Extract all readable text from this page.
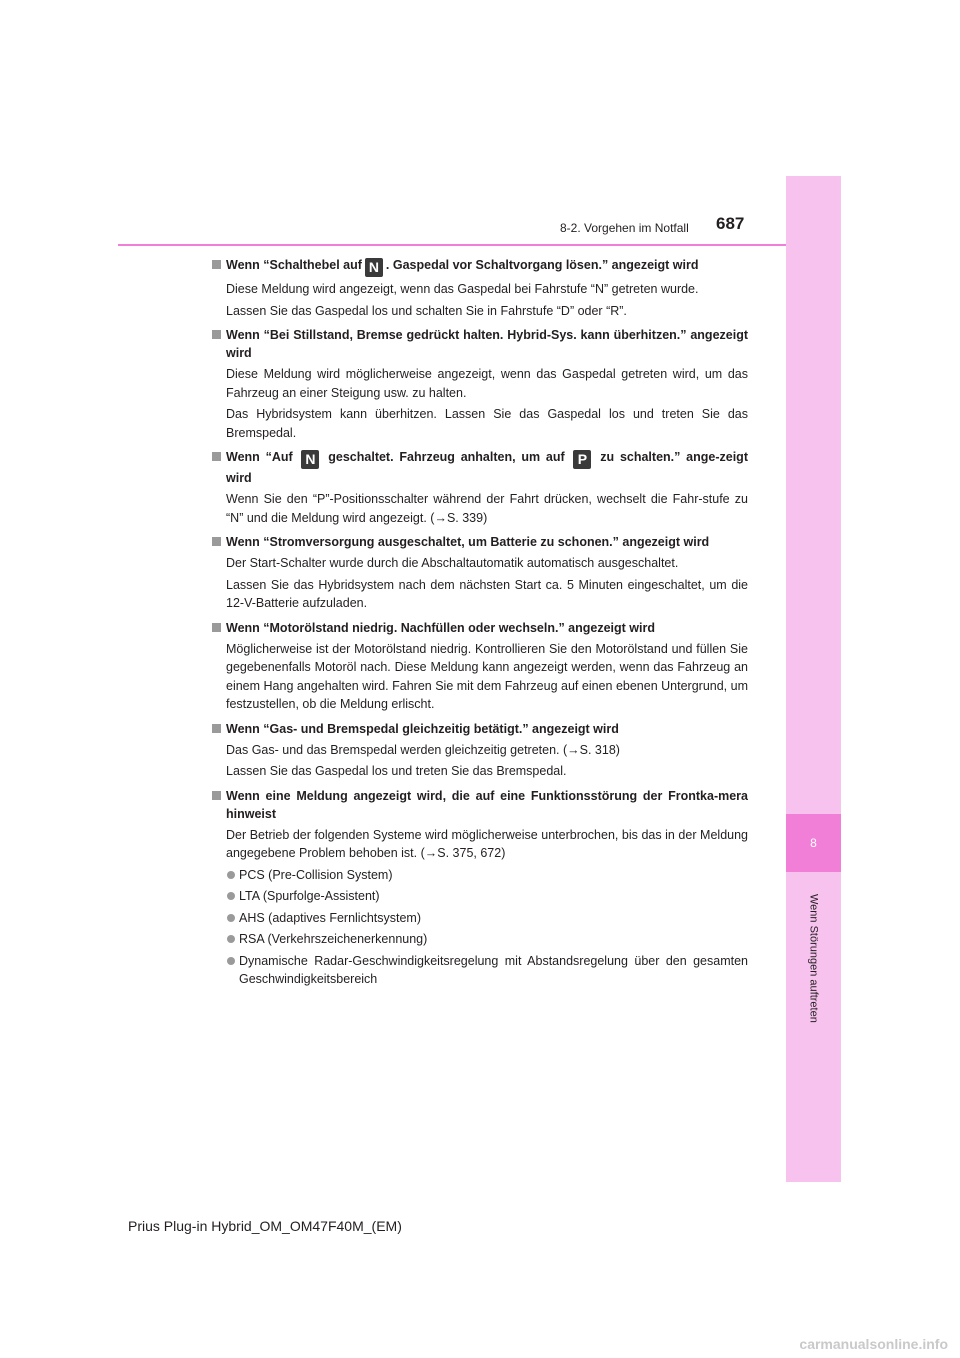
8
Wenn Störungen auftreten
8-2. Vorgehen im Notfall 687
Wenn “Schalthebel auf N . Gaspedal vor Schaltvorgang lösen.” angezeigt wird
Diese Meldung wird angezeigt, wenn das Gaspedal bei Fahrstufe “N” getreten wurde.
Lassen Sie das Gaspedal los und schalten Sie in Fahrstufe “D” oder “R”.
Wenn “Bei Stillstand, Bremse gedrückt halten. Hybrid-Sys. kann überhitzen.” angezeigt wird
Diese Meldung wird möglicherweise angezeigt, wenn das Gaspedal getreten wird, um das Fahrzeug an einer Steigung usw. zu halten.
Das Hybridsystem kann überhitzen. Lassen Sie das Gaspedal los und treten Sie das Bremspedal.
Wenn “Auf N geschaltet. Fahrzeug anhalten, um auf P zu schalten.” ange-zeigt wird
Wenn Sie den “P”-Positionsschalter während der Fahrt drücken, wechselt die Fahr-stufe zu “N” und die Meldung wird angezeigt. (→S. 339)
Wenn “Stromversorgung ausgeschaltet, um Batterie zu schonen.” angezeigt wird
Der Start-Schalter wurde durch die Abschaltautomatik automatisch ausgeschaltet.
Lassen Sie das Hybridsystem nach dem nächsten Start ca. 5 Minuten eingeschaltet, um die 12-V-Batterie aufzuladen.
Wenn “Motorölstand niedrig. Nachfüllen oder wechseln.” angezeigt wird
Möglicherweise ist der Motorölstand niedrig. Kontrollieren Sie den Motorölstand und füllen Sie gegebenenfalls Motoröl nach. Diese Meldung kann angezeigt werden, wenn das Fahrzeug an einem Hang angehalten wird. Fahren Sie mit dem Fahrzeug auf einen ebenen Untergrund, um festzustellen, ob die Meldung erlischt.
Wenn “Gas- und Bremspedal gleichzeitig betätigt.” angezeigt wird
Das Gas- und das Bremspedal werden gleichzeitig getreten. (→S. 318)
Lassen Sie das Gaspedal los und treten Sie das Bremspedal.
Wenn eine Meldung angezeigt wird, die auf eine Funktionsstörung der Frontka-mera hinweist
Der Betrieb der folgenden Systeme wird möglicherweise unterbrochen, bis das in der Meldung angegebene Problem behoben ist. (→S. 375, 672)
PCS (Pre-Collision System)
LTA (Spurfolge-Assistent)
AHS (adaptives Fernlichtsystem)
RSA (Verkehrszeichenerkennung)
Dynamische Radar-Geschwindigkeitsregelung mit Abstandsregelung über den gesamten Geschwindigkeitsbereich
Prius Plug-in Hybrid_OM_OM47F40M_(EM)
carmanualsonline.info
